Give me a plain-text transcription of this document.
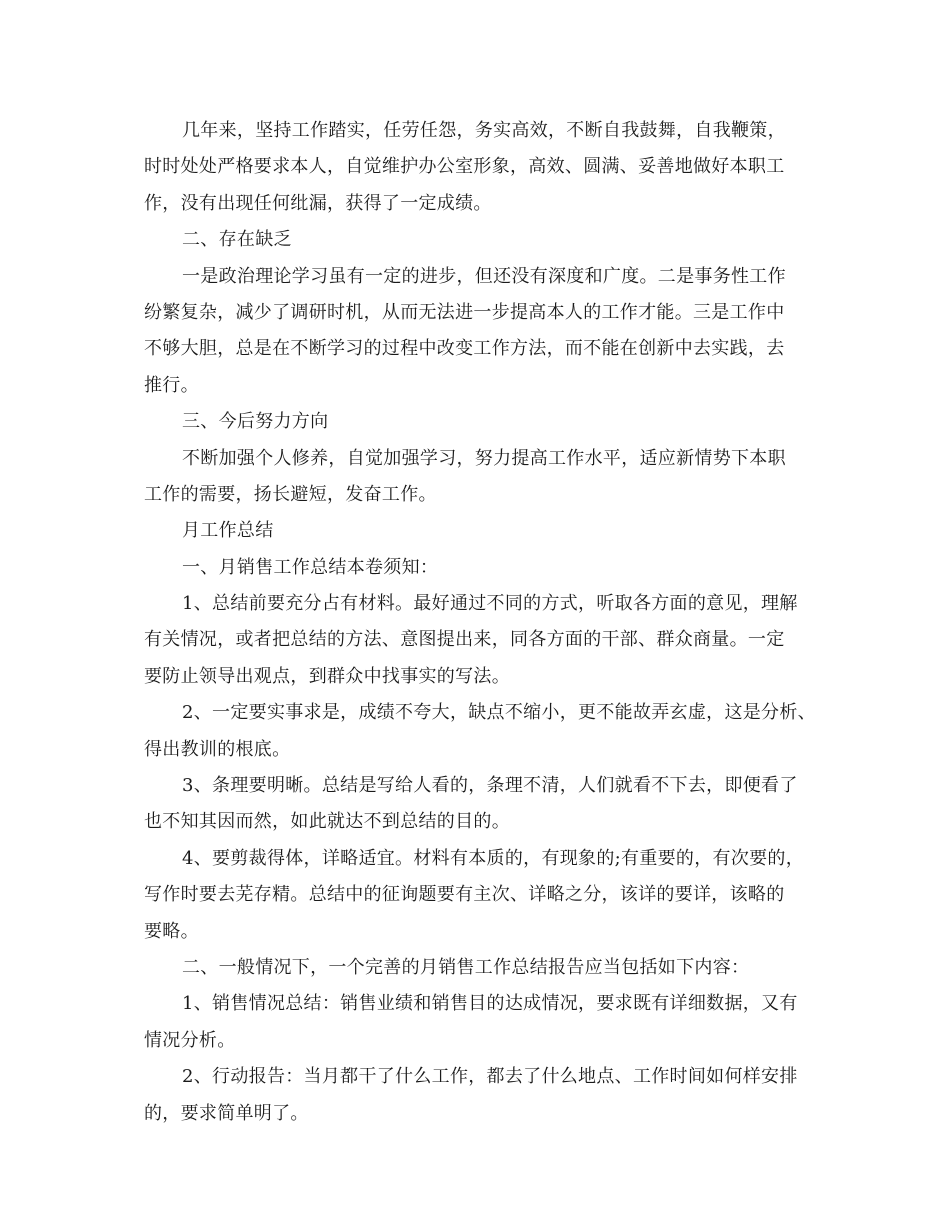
几年来，坚持工作踏实，任劳任怨，务实高效，不断自我鼓舞，自我鞭策，
时时处处严格要求本人，自觉维护办公室形象，高效、圆满、妥善地做好本职工
作，没有出现任何纰漏，获得了一定成绩。
二、存在缺乏
一是政治理论学习虽有一定的进步，但还没有深度和广度。二是事务性工作
纷繁复杂，减少了调研时机，从而无法进一步提高本人的工作才能。三是工作中
不够大胆，总是在不断学习的过程中改变工作方法，而不能在创新中去实践，去
推行。
三、今后努力方向
不断加强个人修养，自觉加强学习，努力提高工作水平，适应新情势下本职
工作的需要，扬长避短，发奋工作。
月工作总结
一、月销售工作总结本卷须知：
1、总结前要充分占有材料。最好通过不同的方式，听取各方面的意见，理解
有关情况，或者把总结的方法、意图提出来，同各方面的干部、群众商量。一定
要防止领导出观点，到群众中找事实的写法。
2、一定要实事求是，成绩不夸大，缺点不缩小，更不能故弄玄虚，这是分析、
得出教训的根底。
3、条理要明晰。总结是写给人看的，条理不清，人们就看不下去，即便看了
也不知其因而然，如此就达不到总结的目的。
4、要剪裁得体，详略适宜。材料有本质的，有现象的;有重要的，有次要的，
写作时要去芜存精。总结中的征询题要有主次、详略之分，该详的要详，该略的
要略。
二、一般情况下，一个完善的月销售工作总结报告应当包括如下内容：
1、销售情况总结：销售业绩和销售目的达成情况，要求既有详细数据，又有
情况分析。
2、行动报告：当月都干了什么工作，都去了什么地点、工作时间如何样安排
的，要求简单明了。
